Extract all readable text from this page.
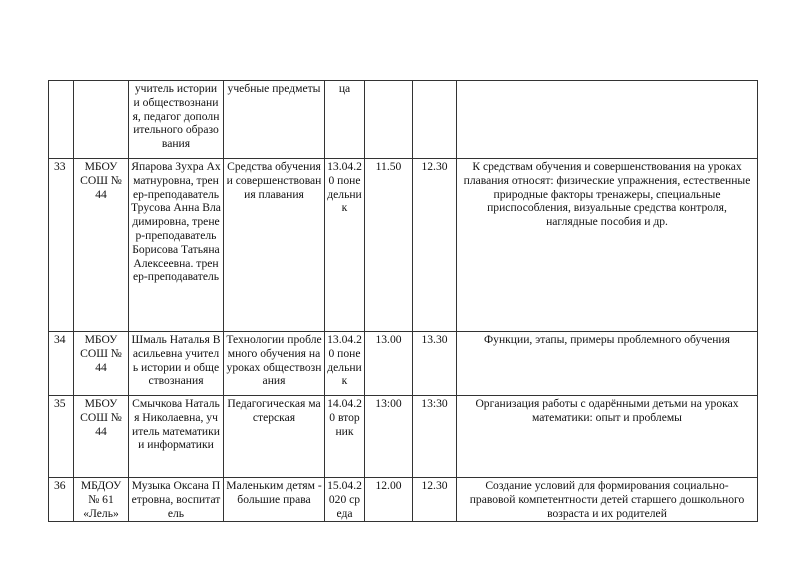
		учитель истории и обществознания, педагог дополнительного образования	учебные предметы	ца			
33	МБОУ СОШ № 44	Япарова Зухра Ахматнуровна, тренер-преподаватель Трусова Анна Владимировна, тренер-преподаватель Борисова Татьяна Алексеевна. тренер-преподаватель	Средства обучения и совершенствования плавания	13.04.20 понедельник	11.50	12.30	К средствам обучения и совершенствования на уроках плавания относят: физические упражнения, естественные природные факторы тренажеры, специальные приспособления, визуальные средства контроля, наглядные пособия и др.
34	МБОУ СОШ № 44	Шмаль Наталья Васильевна учитель истории и обществознания	Технологии проблемного обучения на уроках обществознания	13.04.20 понедельник	13.00	13.30	Функции, этапы, примеры проблемного обучения
35	МБОУ СОШ № 44	Смычкова Наталья Николаевна, учитель математики и информатики	Педагогическая мастерская	14.04.20 вторник	13:00	13:30	Организация работы с одарёнными детьми на уроках математики: опыт и проблемы
36	МБДОУ № 61 «Лель»	Музыка Оксана Петровна, воспитатель	Маленьким детям - большие права	15.04.2020 среда	12.00	12.30	Создание условий для формирования социально-правовой компетентности детей старшего дошкольного возраста и их родителей
